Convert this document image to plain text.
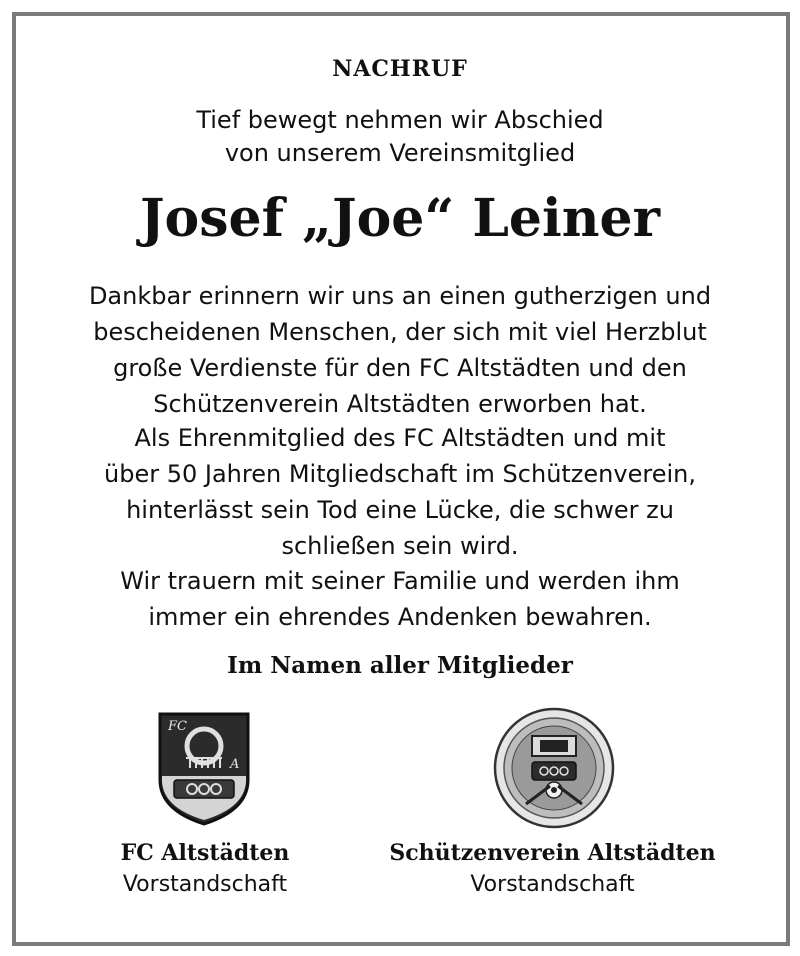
NACHRUF
Tief bewegt nehmen wir Abschied
von unserem Vereinsmitglied
Josef „Joe“ Leiner
Dankbar erinnern wir uns an einen gutherzigen und
bescheidenen Menschen, der sich mit viel Herzblut
große Verdienste für den FC Altstädten und den
Schützenverein Altstädten erworben hat.
Als Ehrenmitglied des FC Altstädten und mit
über 50 Jahren Mitgliedschaft im Schützenverein,
hinterlässt sein Tod eine Lücke, die schwer zu
schließen sein wird.
Wir trauern mit seiner Familie und werden ihm
immer ein ehrendes Andenken bewahren.
Im Namen aller Mitglieder
FC
A
FC Altstädten
Vorstandschaft
Schützenverein Altstädten
Vorstandschaft
